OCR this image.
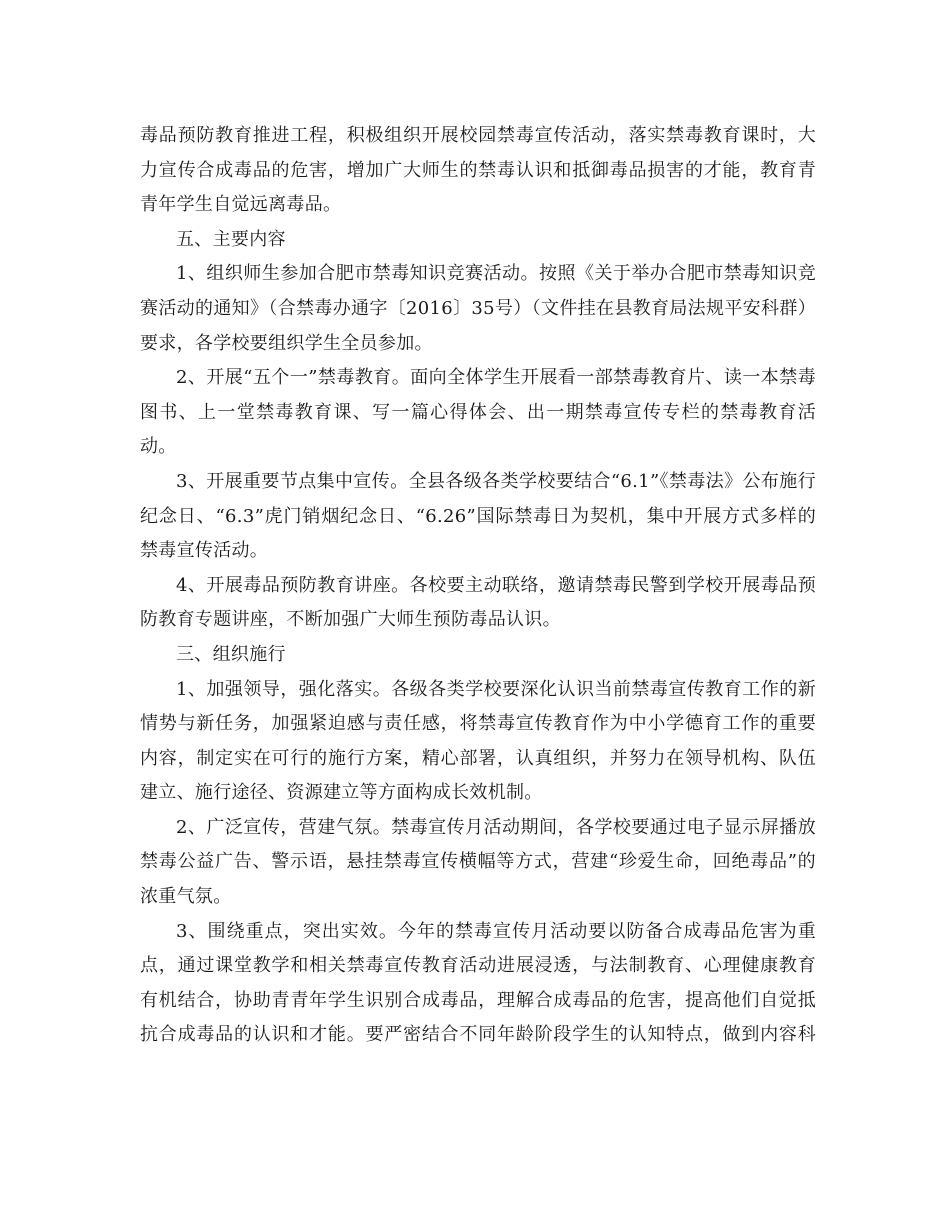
毒品预防教育推进工程，积极组织开展校园禁毒宣传活动，落实禁毒教育课时，大力宣传合成毒品的危害，增加广大师生的禁毒认识和抵御毒品损害的才能，教育青青年学生自觉远离毒品。

五、主要内容

1、组织师生参加合肥市禁毒知识竞赛活动。按照《关于举办合肥市禁毒知识竞赛活动的通知》（合禁毒办通字〔2016〕35号）（文件挂在县教育局法规平安科群）要求，各学校要组织学生全员参加。

2、开展“五个一”禁毒教育。面向全体学生开展看一部禁毒教育片、读一本禁毒图书、上一堂禁毒教育课、写一篇心得体会、出一期禁毒宣传专栏的禁毒教育活动。

3、开展重要节点集中宣传。全县各级各类学校要结合“6.1”《禁毒法》公布施行纪念日、“6.3”虎门销烟纪念日、“6.26”国际禁毒日为契机，集中开展方式多样的禁毒宣传活动。

4、开展毒品预防教育讲座。各校要主动联络，邀请禁毒民警到学校开展毒品预防教育专题讲座，不断加强广大师生预防毒品认识。

三、组织施行

1、加强领导，强化落实。各级各类学校要深化认识当前禁毒宣传教育工作的新情势与新任务，加强紧迫感与责任感，将禁毒宣传教育作为中小学德育工作的重要内容，制定实在可行的施行方案，精心部署，认真组织，并努力在领导机构、队伍建立、施行途径、资源建立等方面构成长效机制。

2、广泛宣传，营建气氛。禁毒宣传月活动期间，各学校要通过电子显示屏播放禁毒公益广告、警示语，悬挂禁毒宣传横幅等方式，营建“珍爱生命，回绝毒品”的浓重气氛。

3、围绕重点，突出实效。今年的禁毒宣传月活动要以防备合成毒品危害为重点，通过课堂教学和相关禁毒宣传教育活动进展浸透，与法制教育、心理健康教育有机结合，协助青青年学生识别合成毒品，理解合成毒品的危害，提高他们自觉抵抗合成毒品的认识和才能。要严密结合不同年龄阶段学生的认知特点，做到内容科
